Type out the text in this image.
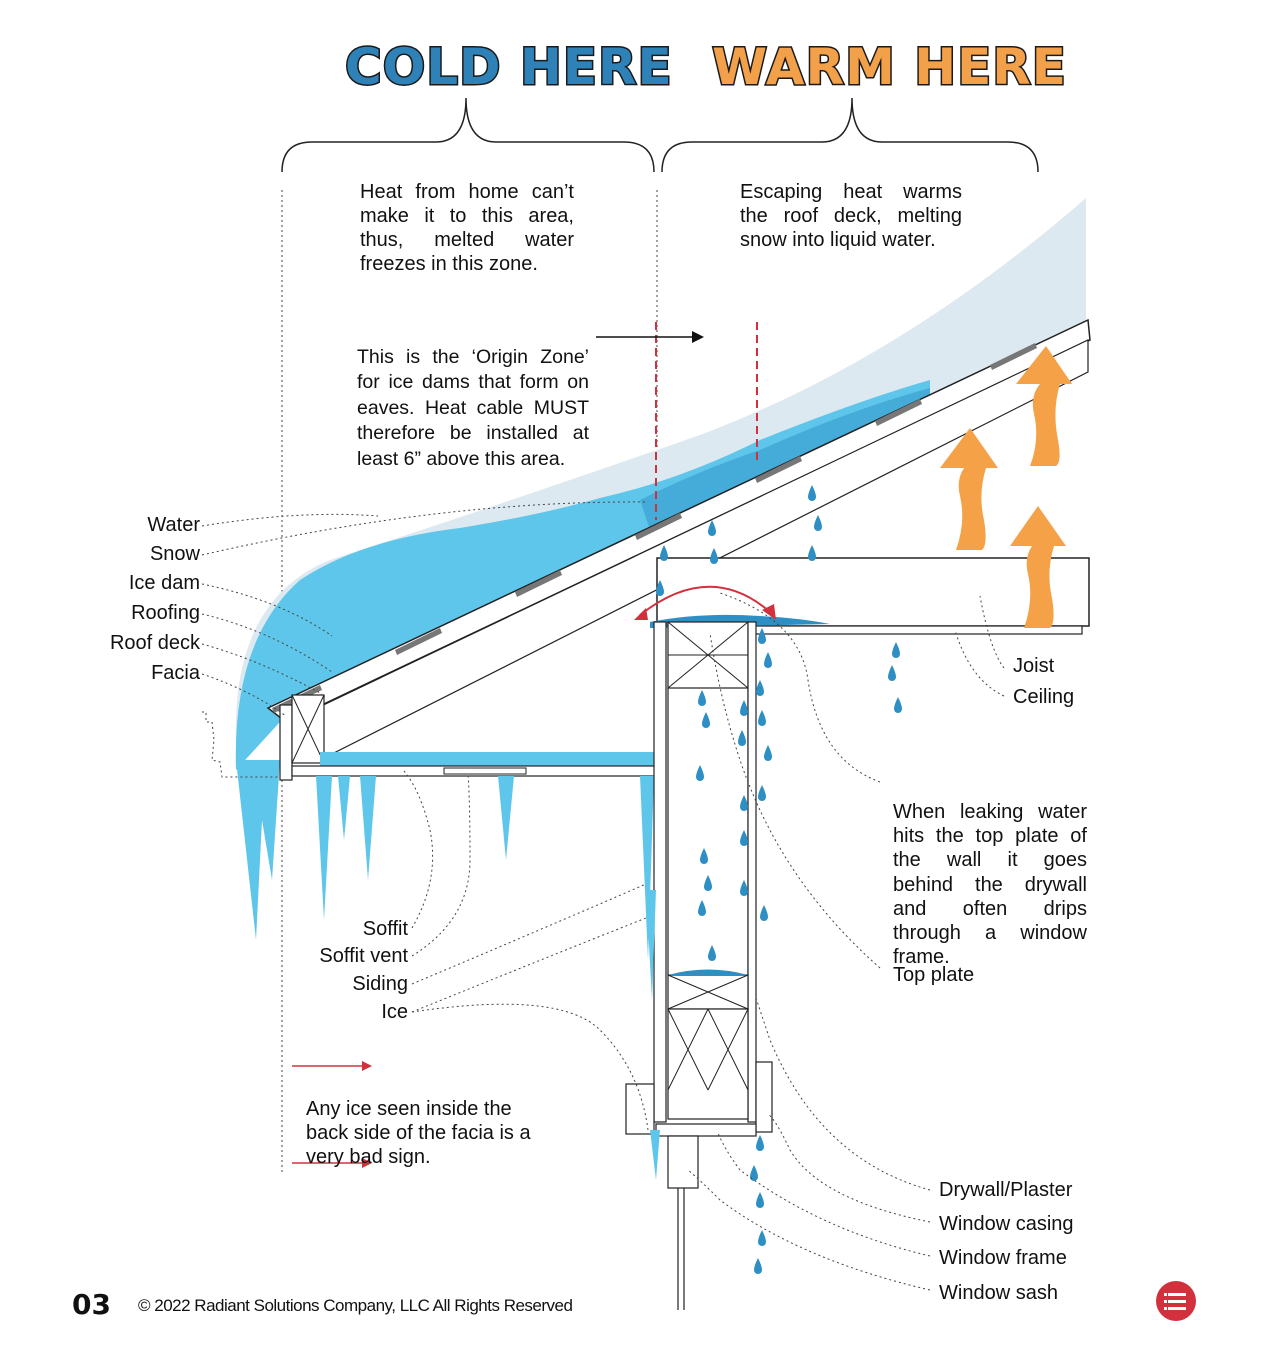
COLD HERE WARM HERE

Heat from home can’t make it to this area, thus, melted water freezes in this zone.

Escaping heat warms the roof deck, melting snow into liquid water.

This is the ‘Origin Zone’ for ice dams that form on eaves. Heat cable MUST therefore be installed at least 6” above this area.

When leaking water hits the top plate of the wall it goes behind the drywall and often drips through a window frame.

Any ice seen inside the back side of the facia is a very bad sign.

Water
Snow
Ice dam
Roofing
Roof deck
Facia	Joist
Ceiling
Top plate
Soffit
Soffit vent
Siding
Ice
Drywall/Plaster
Window casing
Window frame
Window sash
03 © 2022 Radiant Solutions Company, LLC All Rights Reserved
